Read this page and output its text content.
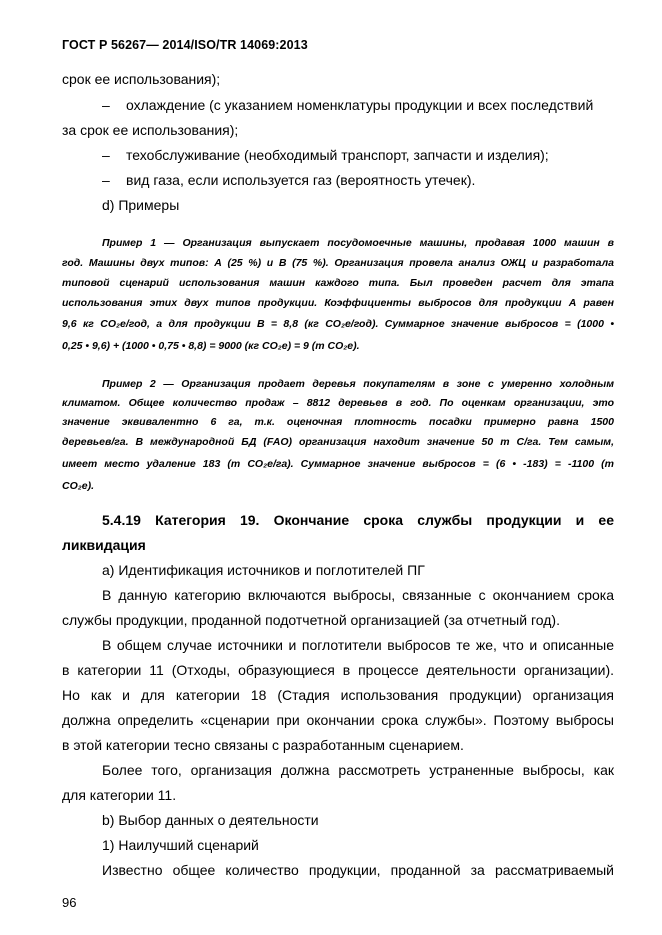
ГОСТ Р 56267— 2014/ISO/TR 14069:2013
срок ее использования);
– охлаждение (с указанием номенклатуры продукции и всех последствий
за срок ее использования);
– техобслуживание (необходимый транспорт, запчасти и изделия);
– вид газа, если используется газ (вероятность утечек).
d) Примеры
Пример 1 — Организация выпускает посудомоечные машины, продавая 1000 машин в
год. Машины двух типов: А (25 %) и В (75 %). Организация провела анализ ОЖЦ и разработала
типовой сценарий использования машин каждого типа. Был проведен расчет для этапа
использования этих двух типов продукции. Коэффициенты выбросов для продукции А равен
9,6 кг СО₂е/год, а для продукции В = 8,8 (кг СО₂е/год). Суммарное значение выбросов = (1000 •
0,25 • 9,6) + (1000 • 0,75 • 8,8) = 9000 (кг СО₂е) = 9 (т СО₂е).
Пример 2 — Организация продает деревья покупателям в зоне с умеренно холодным
климатом. Общее количество продаж – 8812 деревьев в год. По оценкам организации, это
значение эквивалентно 6 га, т.к. оценочная плотность посадки примерно равна 1500
деревьев/га. В международной БД (FAO) организация находит значение 50 т С/га. Тем самым,
имеет место удаление 183 (т СО₂е/га). Суммарное значение выбросов = (6 • -183) = -1100 (т
СО₂е).
5.4.19 Категория 19. Окончание срока службы продукции и ее
ликвидация
a) Идентификация источников и поглотителей ПГ
В данную категорию включаются выбросы, связанные с окончанием срока
службы продукции, проданной подотчетной организацией (за отчетный год).
В общем случае источники и поглотители выбросов те же, что и описанные
в категории 11 (Отходы, образующиеся в процессе деятельности организации).
Но как и для категории 18 (Стадия использования продукции) организация
должна определить «сценарии при окончании срока службы». Поэтому выбросы
в этой категории тесно связаны с разработанным сценарием.
Более того, организация должна рассмотреть устраненные выбросы, как
для категории 11.
b) Выбор данных о деятельности
1) Наилучший сценарий
Известно общее количество продукции, проданной за рассматриваемый
96
